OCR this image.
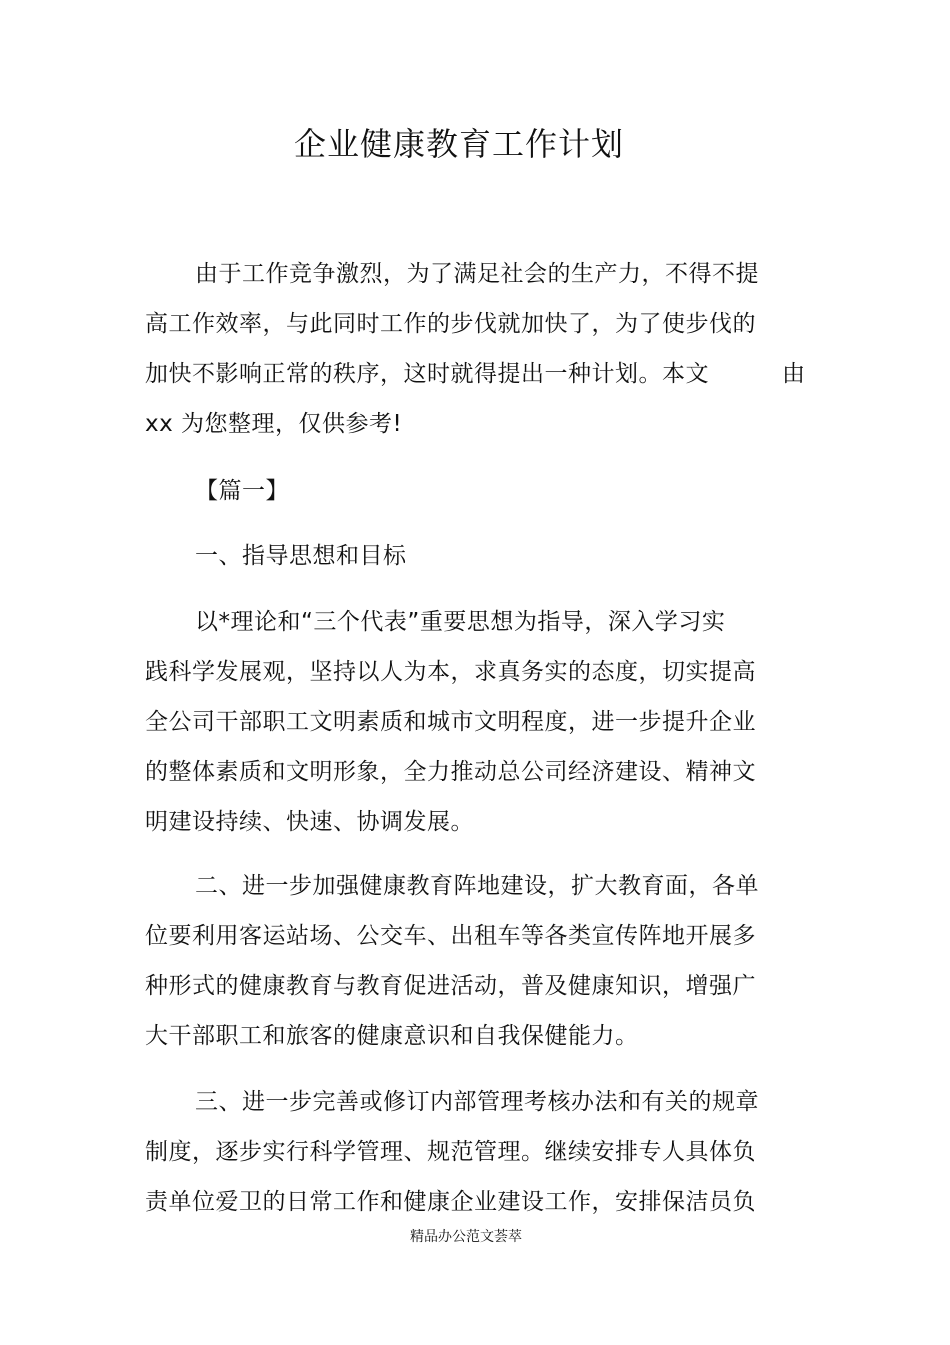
企业健康教育工作计划
由于工作竞争激烈，为了满足社会的生产力，不得不提
高工作效率，与此同时工作的步伐就加快了，为了使步伐的
加快不影响正常的秩序，这时就得提出一种计划。本文	由
xx 为您整理，仅供参考!
【篇一】
一、指导思想和目标
以*理论和“三个代表”重要思想为指导，深入学习实
践科学发展观，坚持以人为本，求真务实的态度，切实提高
全公司干部职工文明素质和城市文明程度，进一步提升企业
的整体素质和文明形象，全力推动总公司经济建设、精神文
明建设持续、快速、协调发展。
二、进一步加强健康教育阵地建设，扩大教育面，各单
位要利用客运站场、公交车、出租车等各类宣传阵地开展多
种形式的健康教育与教育促进活动，普及健康知识，增强广
大干部职工和旅客的健康意识和自我保健能力。
三、进一步完善或修订内部管理考核办法和有关的规章
制度，逐步实行科学管理、规范管理。继续安排专人具体负
责单位爱卫的日常工作和健康企业建设工作，安排保洁员负
精品办公范文荟萃
